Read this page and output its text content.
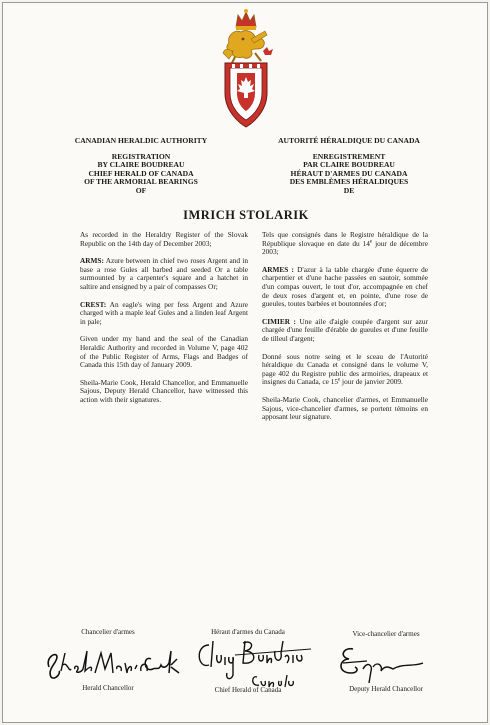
CANADIAN HERALDIC AUTHORITY
REGISTRATION
BY CLAIRE BOUDREAU
CHIEF HERALD OF CANADA
OF THE ARMORIAL BEARINGS
OF
AUTORITÉ HÉRALDIQUE DU CANADA
ENREGISTREMENT
PAR CLAIRE BOUDREAU
HÉRAUT D'ARMES DU CANADA
DES EMBLÈMES HÉRALDIQUES
DE
IMRICH STOLARIK

As recorded in the Heraldry Register of the Slovak Republic on the 14th day of December 2003;

ARMS: Azure between in chief two roses Argent and in base a rose Gules all barbed and seeded Or a table surmounted by a carpenter's square and a hatchet in saltire and ensigned by a pair of compasses Or;

CREST: An eagle's wing per fess Argent and Azure charged with a maple leaf Gules and a linden leaf Argent in pale;

Given under my hand and the seal of the Canadian Heraldic Authority and recorded in Volume V, page 402 of the Public Register of Arms, Flags and Badges of Canada this 15th day of January 2009.

Sheila-Marie Cook, Herald Chancellor, and Emmanuelle Sajous, Deputy Herald Chancellor, have witnessed this action with their signatures.

Tels que consignés dans le Registre héraldique de la République slovaque en date du 14e jour de décembre 2003;

ARMES : D'azur à la table chargée d'une équerre de charpentier et d'une hache passées en sautoir, sommée d'un compas ouvert, le tout d'or, accompagnée en chef de deux roses d'argent et, en pointe, d'une rose de gueules, toutes barbées et boutonnées d'or;

CIMIER : Une aile d'aigle coupée d'argent sur azur chargée d'une feuille d'érable de gueules et d'une feuille de tilleul d'argent;

Donné sous notre seing et le sceau de l'Autorité héraldique du Canada et consigné dans le volume V, page 402 du Registre public des armoiries, drapeaux et insignes du Canada, ce 15e jour de janvier 2009.

Sheila-Marie Cook, chancelier d'armes, et Emmanuelle Sajous, vice-chancelier d'armes, se portent témoins en apposant leur signature.

Chancelier d'armes	Héraut d'armes du Canada	Vice-chancelier d'armes
Herald Chancellor	Chief Herald of Canada	Deputy Herald Chancellor
